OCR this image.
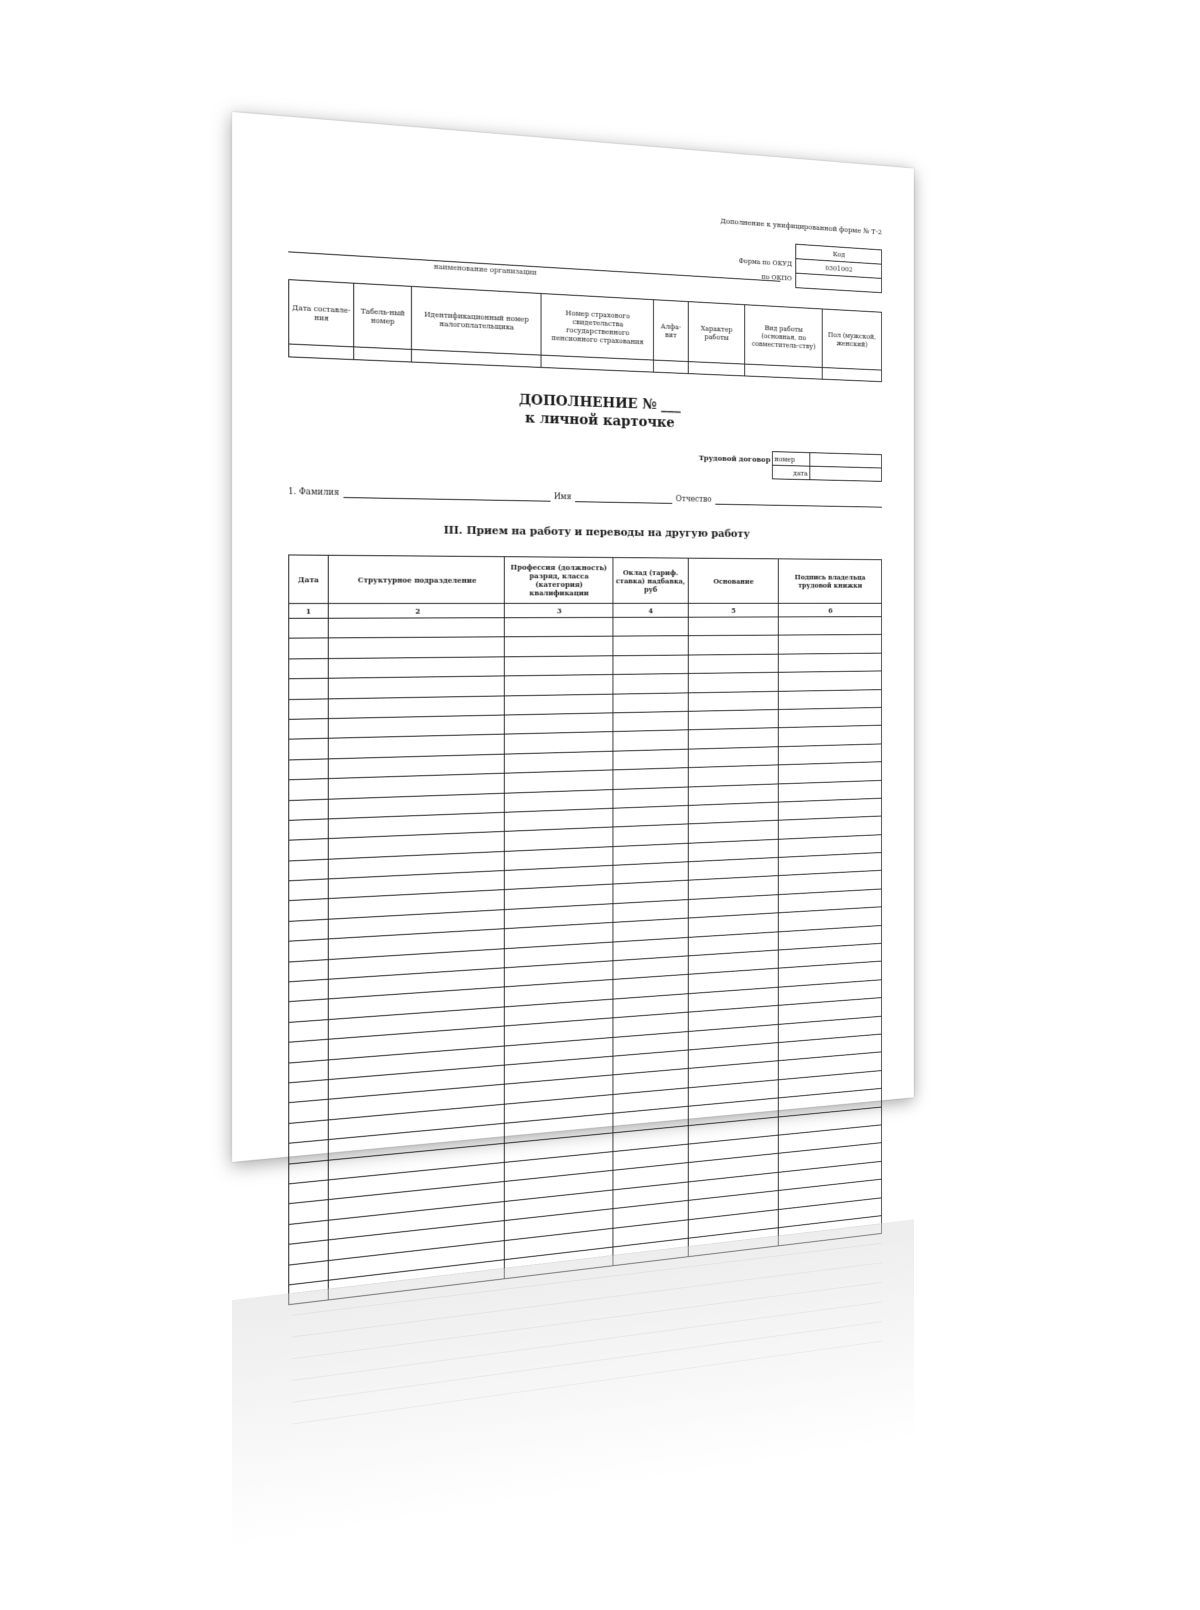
Дополнение к унифицированной форме № Т-2
Форма по ОКУД
по ОКПО
Код
0301002
наименование организации
Дата составле-ния	Табель-ный номер	Идентификационный номер налогоплательщика	Номер страхового свидетельства государственного пенсионного страхования	Алфа-вит	Характер работы	Вид работы (основная, по совместитель-ству)	Пол (мужской, женский)

ДОПОЛНЕНИЕ № ___
к личной карточке
Трудовой договор номер	
дата	
1. Фамилия	Имя	Отчество
III. Прием на работу и переводы на другую работу
Дата	Структурное подразделение	Профессия (должность) разряд, класса (категория) квалификации	Оклад (тариф. ставка) надбавка, руб	Основание	Подпись владельца трудовой книжки
1	2	3	4	5	6
